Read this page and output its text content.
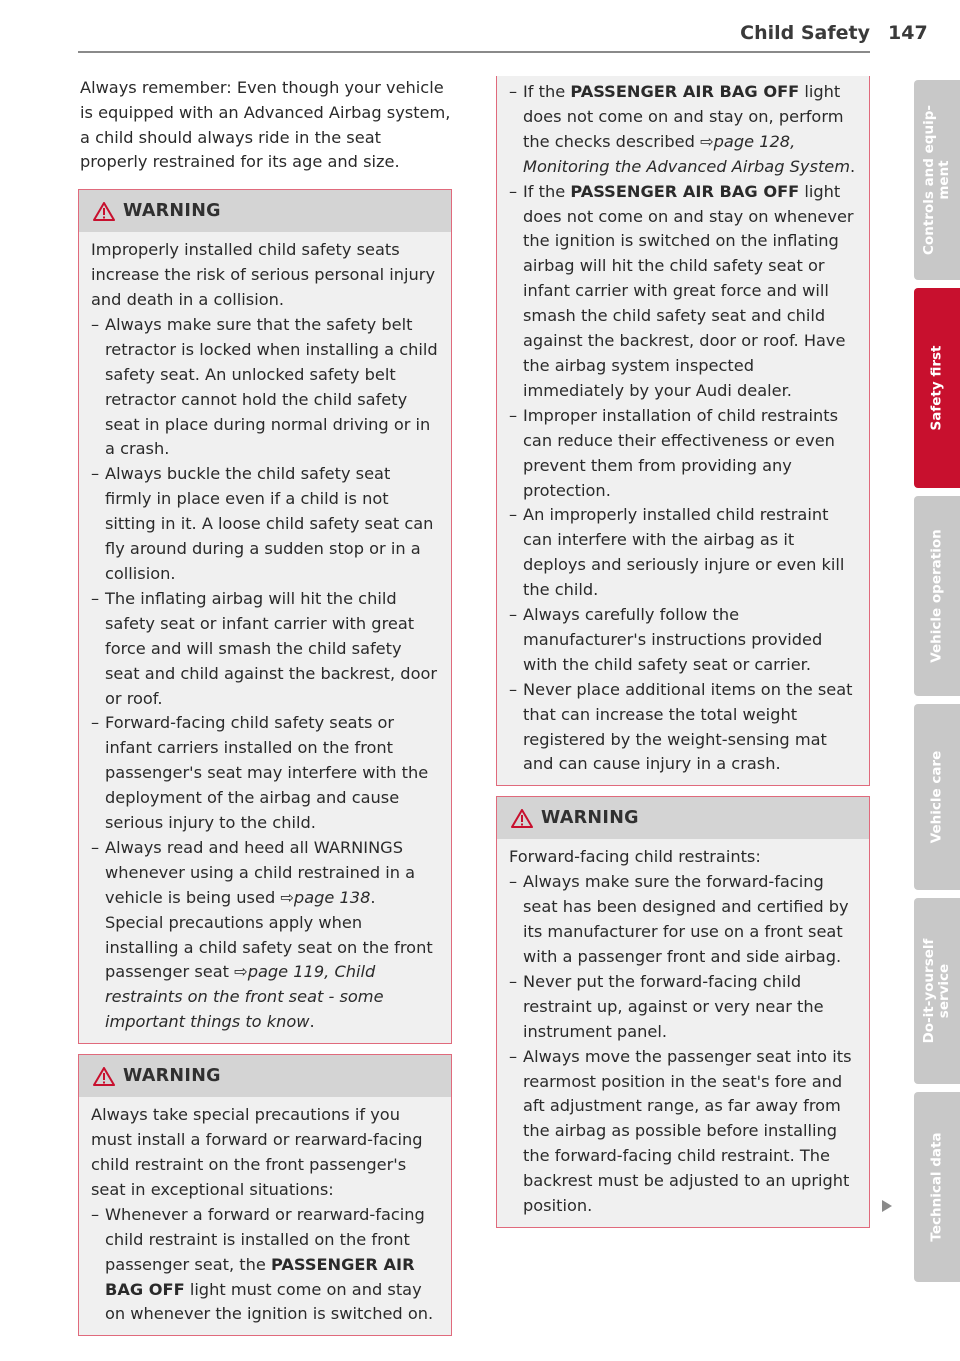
Child Safety 147

Always remember: Even though your vehicle is equipped with an Advanced Airbag system, a child should always ride in the seat properly restrained for its age and size.

WARNING
Improperly installed child safety seats increase the risk of serious personal injury and death in a collision.
– Always make sure that the safety belt retractor is locked when installing a child safety seat. An unlocked safety belt retractor cannot hold the child safety seat in place during normal driving or in a crash.
– Always buckle the child safety seat firmly in place even if a child is not sitting in it. A loose child safety seat can fly around during a sudden stop or in a collision.
– The inflating airbag will hit the child safety seat or infant carrier with great force and will smash the child safety seat and child against the backrest, door or roof.
– Forward-facing child safety seats or infant carriers installed on the front passenger's seat may interfere with the deployment of the airbag and cause serious injury to the child.
– Always read and heed all WARNINGS whenever using a child restrained in a vehicle is being used ⇨page 138. Special precautions apply when installing a child safety seat on the front passenger seat ⇨page 119, Child restraints on the front seat - some important things to know.
WARNING
Always take special precautions if you must install a forward or rearward-facing child restraint on the front passenger's seat in exceptional situations:
– Whenever a forward or rearward-facing child restraint is installed on the front passenger seat, the PASSENGER AIR BAG OFF light must come on and stay on whenever the ignition is switched on.
– If the PASSENGER AIR BAG OFF light does not come on and stay on, perform the checks described ⇨page 128, Monitoring the Advanced Airbag System.
– If the PASSENGER AIR BAG OFF light does not come on and stay on whenever the ignition is switched on the inflating airbag will hit the child safety seat or infant carrier with great force and will smash the child safety seat and child against the backrest, door or roof. Have the airbag system inspected immediately by your Audi dealer.
– Improper installation of child restraints can reduce their effectiveness or even prevent them from providing any protection.
– An improperly installed child restraint can interfere with the airbag as it deploys and seriously injure or even kill the child.
– Always carefully follow the manufacturer's instructions provided with the child safety seat or carrier.
– Never place additional items on the seat that can increase the total weight registered by the weight-sensing mat and can cause injury in a crash.
WARNING
Forward-facing child restraints:
– Always make sure the forward-facing seat has been designed and certified by its manufacturer for use on a front seat with a passenger front and side airbag.
– Never put the forward-facing child restraint up, against or very near the instrument panel.
– Always move the passenger seat into its rearmost position in the seat's fore and aft adjustment range, as far away from the airbag as possible before installing the forward-facing child restraint. The backrest must be adjusted to an upright position.
Controls and equip-
ment
Safety first
Vehicle operation
Vehicle care
Do-it-yourself
service
Technical data
